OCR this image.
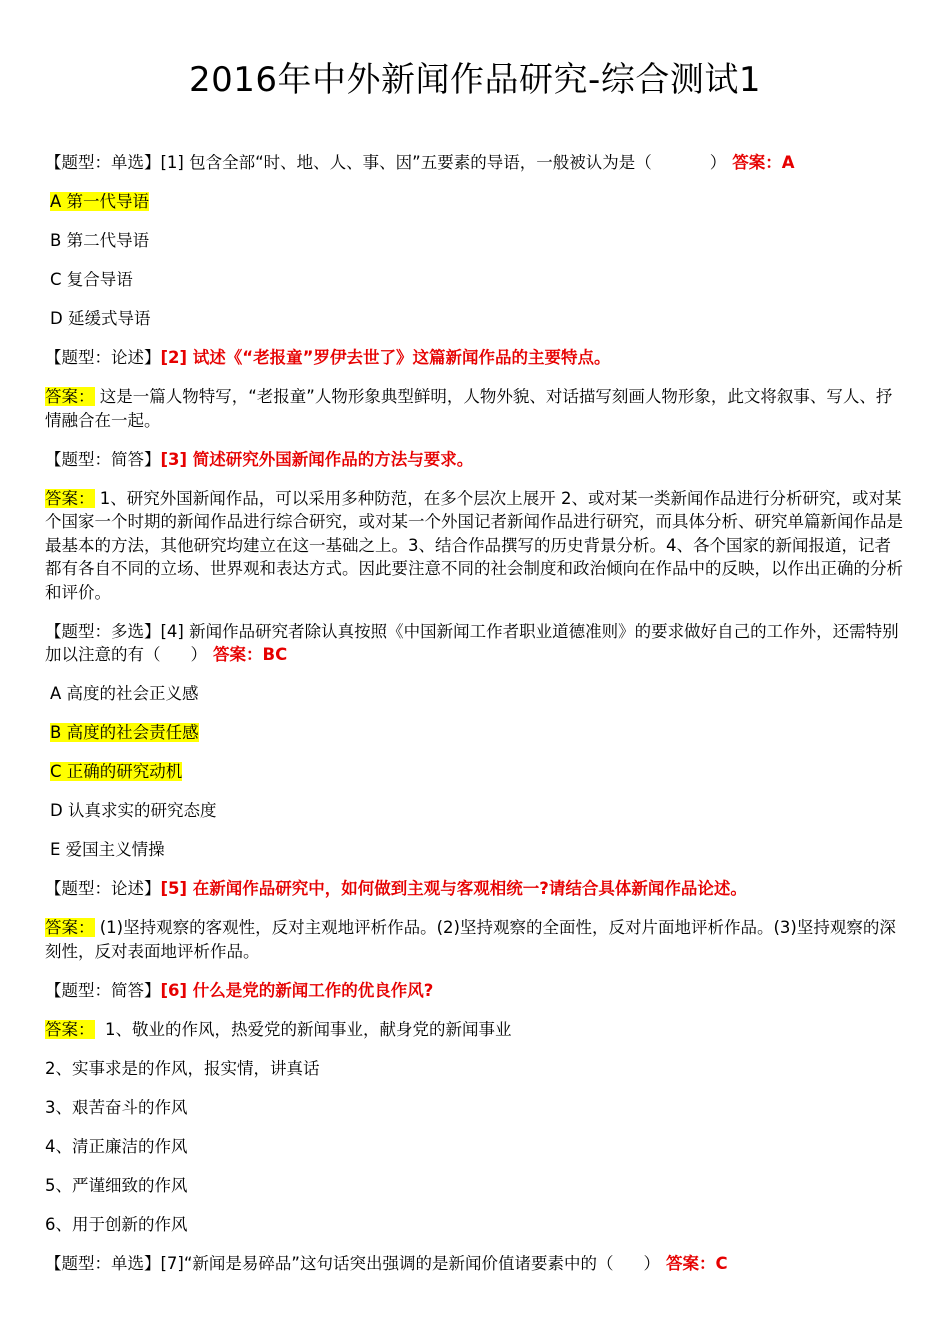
2016年中外新闻作品研究-综合测试1
【题型：单选】[1] 包含全部“时、地、人、事、因”五要素的导语，一般被认为是（	） 答案：A
A 第一代导语
B 第二代导语
C 复合导语
D 延缓式导语
【题型：论述】[2] 试述《“老报童”罗伊去世了》这篇新闻作品的主要特点。
答案： 这是一篇人物特写，“老报童”人物形象典型鲜明，人物外貌、对话描写刻画人物形象，此文将叙事、写人、抒情融合在一起。
【题型：简答】[3] 简述研究外国新闻作品的方法与要求。
答案： 1、研究外国新闻作品，可以采用多种防范，在多个层次上展开 2、或对某一类新闻作品进行分析研究，或对某个国家一个时期的新闻作品进行综合研究，或对某一个外国记者新闻作品进行研究，而具体分析、研究单篇新闻作品是最基本的方法，其他研究均建立在这一基础之上。3、结合作品撰写的历史背景分析。4、各个国家的新闻报道，记者都有各自不同的立场、世界观和表达方式。因此要注意不同的社会制度和政治倾向在作品中的反映，以作出正确的分析和评价。
【题型：多选】[4] 新闻作品研究者除认真按照《中国新闻工作者职业道德准则》的要求做好自己的工作外，还需特别加以注意的有（ ） 答案：BC
A 高度的社会正义感
B 高度的社会责任感
C 正确的研究动机
D 认真求实的研究态度
E 爱国主义情操
【题型：论述】[5] 在新闻作品研究中，如何做到主观与客观相统一?请结合具体新闻作品论述。
答案： (1)坚持观察的客观性，反对主观地评析作品。(2)坚持观察的全面性，反对片面地评析作品。(3)坚持观察的深刻性，反对表面地评析作品。
【题型：简答】[6] 什么是党的新闻工作的优良作风?
答案： 1、敬业的作风，热爱党的新闻事业，献身党的新闻事业
2、实事求是的作风，报实情，讲真话
3、艰苦奋斗的作风
4、清正廉洁的作风
5、严谨细致的作风
6、用于创新的作风
【题型：单选】[7]“新闻是易碎品”这句话突出强调的是新闻价值诸要素中的（ ） 答案：C
